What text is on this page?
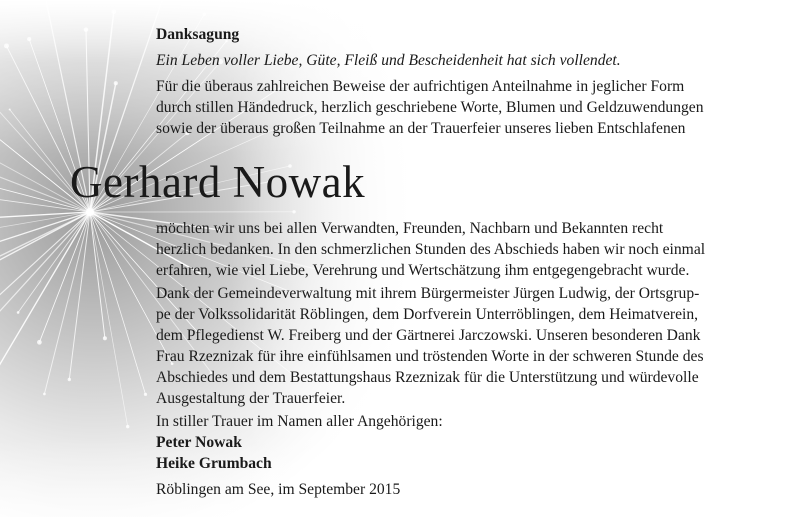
Danksagung
Ein Leben voller Liebe, Güte, Fleiß und Bescheidenheit hat sich vollendet.
Für die überaus zahlreichen Beweise der aufrichtigen Anteilnahme in jeglicher Form
durch stillen Händedruck, herzlich geschriebene Worte, Blumen und Geldzuwendungen
sowie der überaus großen Teilnahme an der Trauerfeier unseres lieben Entschlafenen
Gerhard Nowak
möchten wir uns bei allen Verwandten, Freunden, Nachbarn und Bekannten recht
herzlich bedanken. In den schmerzlichen Stunden des Abschieds haben wir noch einmal
erfahren, wie viel Liebe, Verehrung und Wertschätzung ihm entgegengebracht wurde.
Dank der Gemeindeverwaltung mit ihrem Bürgermeister Jürgen Ludwig, der Ortsgrup-
pe der Volkssolidarität Röblingen, dem Dorfverein Unterröblingen, dem Heimatverein,
dem Pflegedienst W. Freiberg und der Gärtnerei Jarczowski. Unseren besonderen Dank
Frau Rzeznizak für ihre einfühlsamen und tröstenden Worte in der schweren Stunde des
Abschiedes und dem Bestattungshaus Rzeznizak für die Unterstützung und würdevolle
Ausgestaltung der Trauerfeier.
In stiller Trauer im Namen aller Angehörigen:
Peter Nowak
Heike Grumbach
Röblingen am See, im September 2015
